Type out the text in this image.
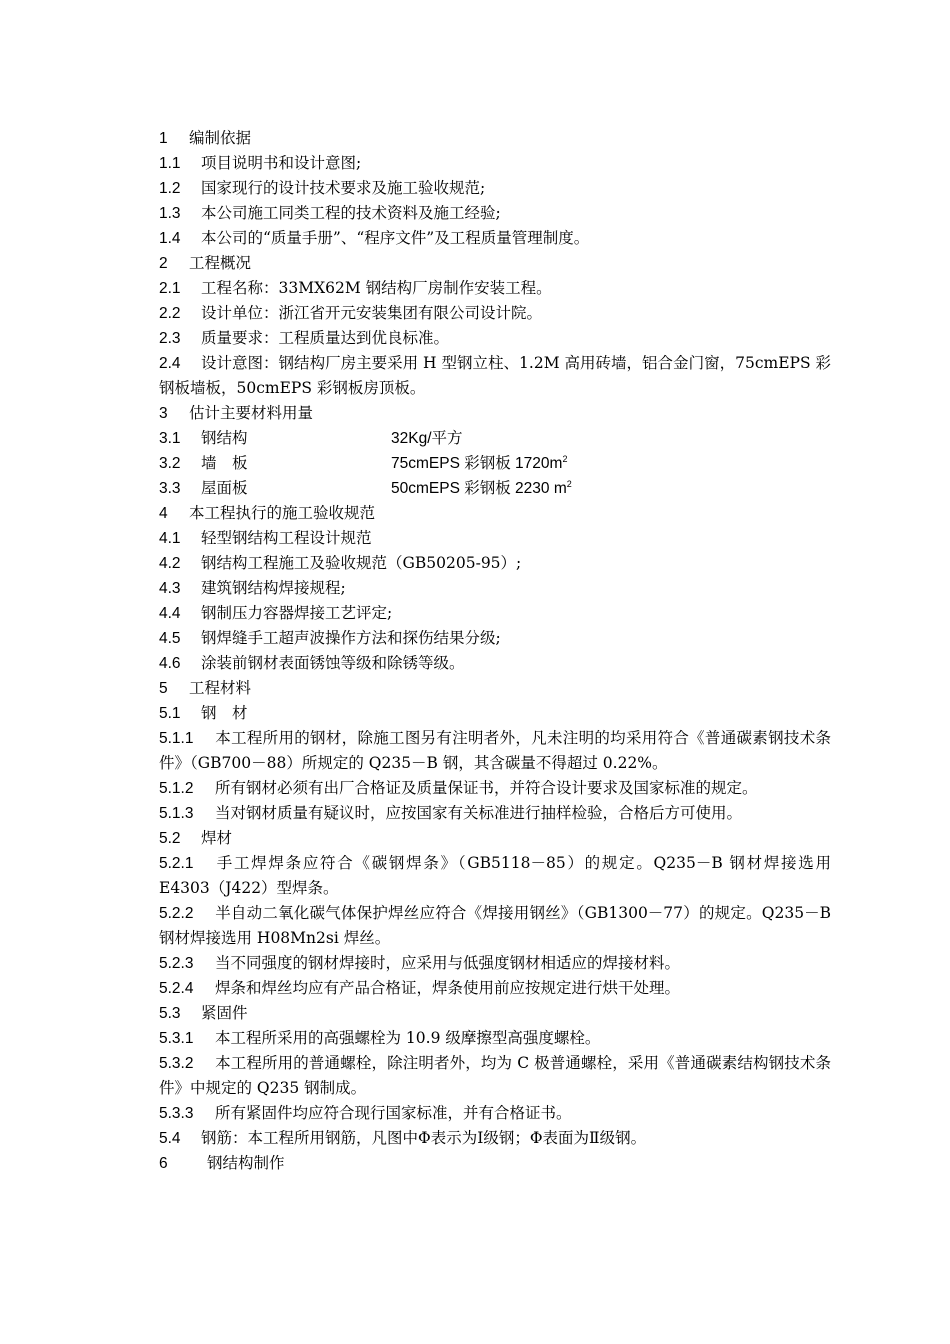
1	编制依据
1.1	项目说明书和设计意图;
1.2	国家现行的设计技术要求及施工验收规范;
1.3	本公司施工同类工程的技术资料及施工经验;
1.4	本公司的“质量手册”、“程序文件”及工程质量管理制度。
2	工程概况
2.1	工程名称：33MX62M 钢结构厂房制作安装工程。
2.2	设计单位：浙江省开元安装集团有限公司设计院。
2.3	质量要求：工程质量达到优良标准。
2.4 设计意图：钢结构厂房主要采用 H 型钢立柱、1.2M 高用砖墙，铝合金门窗，75cmEPS 彩钢板墙板，50cmEPS 彩钢板房顶板。
3	估计主要材料用量
3.1	钢结构	32Kg/平方
3.2	墙　板	75cmEPS 彩钢板 $1720m^2$
3.3	屋面板	50cmEPS 彩钢板 2230 $m^2$
4	本工程执行的施工验收规范
4.1	轻型钢结构工程设计规范
4.2	钢结构工程施工及验收规范（GB50205-95）;
4.3	建筑钢结构焊接规程;
4.4	钢制压力容器焊接工艺评定;
4.5	钢焊缝手工超声波操作方法和探伤结果分级;
4.6	涂装前钢材表面锈蚀等级和除锈等级。
5	工程材料
5.1	钢　材
5.1.1 本工程所用的钢材，除施工图另有注明者外，凡未注明的均采用符合《普通碳素钢技术条件》（GB700－88）所规定的 Q235－B 钢，其含碳量不得超过 0.22%。
5.1.2 所有钢材必须有出厂合格证及质量保证书，并符合设计要求及国家标准的规定。
5.1.3 当对钢材质量有疑议时，应按国家有关标准进行抽样检验，合格后方可使用。
5.2	焊材
5.2.1 手工焊焊条应符合《碳钢焊条》（GB5118－85）的规定。Q235－B 钢材焊接选用 E4303（J422）型焊条。
5.2.2 半自动二氧化碳气体保护焊丝应符合《焊接用钢丝》（GB1300－77）的规定。Q235－B 钢材焊接选用 H08Mn2si 焊丝。
5.2.3	当不同强度的钢材焊接时，应采用与低强度钢材相适应的焊接材料。
5.2.4	焊条和焊丝均应有产品合格证，焊条使用前应按规定进行烘干处理。
5.3	紧固件
5.3.1	本工程所采用的高强螺栓为 10.9 级摩擦型高强度螺栓。
5.3.2 本工程所用的普通螺栓，除注明者外，均为 C 极普通螺栓，采用《普通碳素结构钢技术条件》中规定的 Q235 钢制成。
5.3.3	所有紧固件均应符合现行国家标准，并有合格证书。
5.4	钢筋：本工程所用钢筋，凡图中Φ表示为Ⅰ级钢；Φ表面为Ⅱ级钢。
6	钢结构制作
